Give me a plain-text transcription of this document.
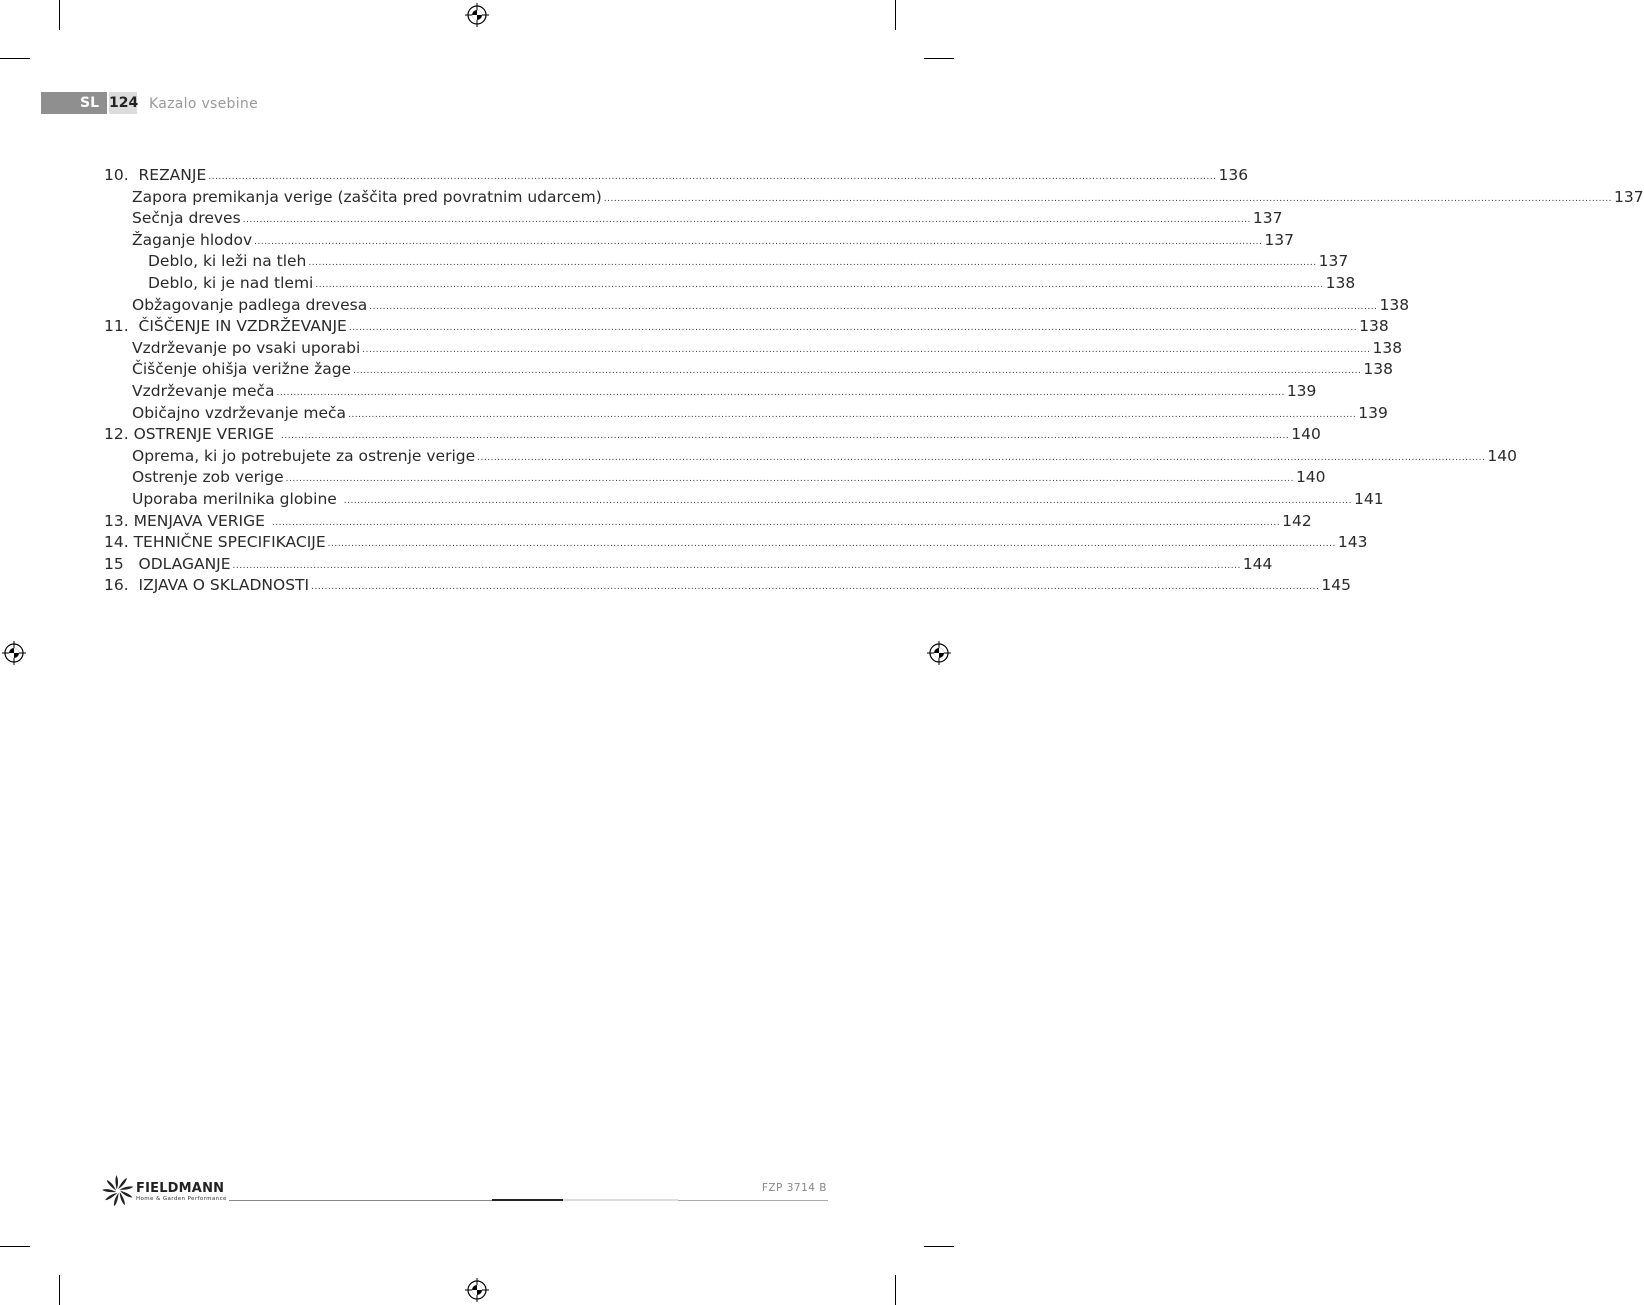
SL 124 Kazalo vsebine
10.  REZANJE ............................................................................................................................................................................................................................................................................................................ 136
Zapora premikanja verige (zaščita pred povratnim udarcem) ............................................................................................................................................................................................................................................................................................................ 137
Sečnja dreves ............................................................................................................................................................................................................................................................................................................ 137
Žaganje hlodov ............................................................................................................................................................................................................................................................................................................ 137
Deblo, ki leži na tleh ............................................................................................................................................................................................................................................................................................................ 137
Deblo, ki je nad tlemi ............................................................................................................................................................................................................................................................................................................ 138
Obžagovanje padlega drevesa ............................................................................................................................................................................................................................................................................................................ 138
11.  ČIŠČENJE IN VZDRŽEVANJE ............................................................................................................................................................................................................................................................................................................ 138
Vzdrževanje po vsaki uporabi ............................................................................................................................................................................................................................................................................................................ 138
Čiščenje ohišja verižne žage ............................................................................................................................................................................................................................................................................................................ 138
Vzdrževanje meča ............................................................................................................................................................................................................................................................................................................ 139
Običajno vzdrževanje meča ............................................................................................................................................................................................................................................................................................................ 139
12. OSTRENJE VERIGE ............................................................................................................................................................................................................................................................................................................ 140
Oprema, ki jo potrebujete za ostrenje verige ............................................................................................................................................................................................................................................................................................................ 140
Ostrenje zob verige ............................................................................................................................................................................................................................................................................................................ 140
Uporaba merilnika globine ............................................................................................................................................................................................................................................................................................................ 141
13. MENJAVA VERIGE ............................................................................................................................................................................................................................................................................................................ 142
14. TEHNIČNE SPECIFIKACIJE ............................................................................................................................................................................................................................................................................................................ 143
15   ODLAGANJE ............................................................................................................................................................................................................................................................................................................ 144
16.  IZJAVA O SKLADNOSTI ............................................................................................................................................................................................................................................................................................................ 145
FIELDMANN
Home & Garden Performance
FZP 3714 B
